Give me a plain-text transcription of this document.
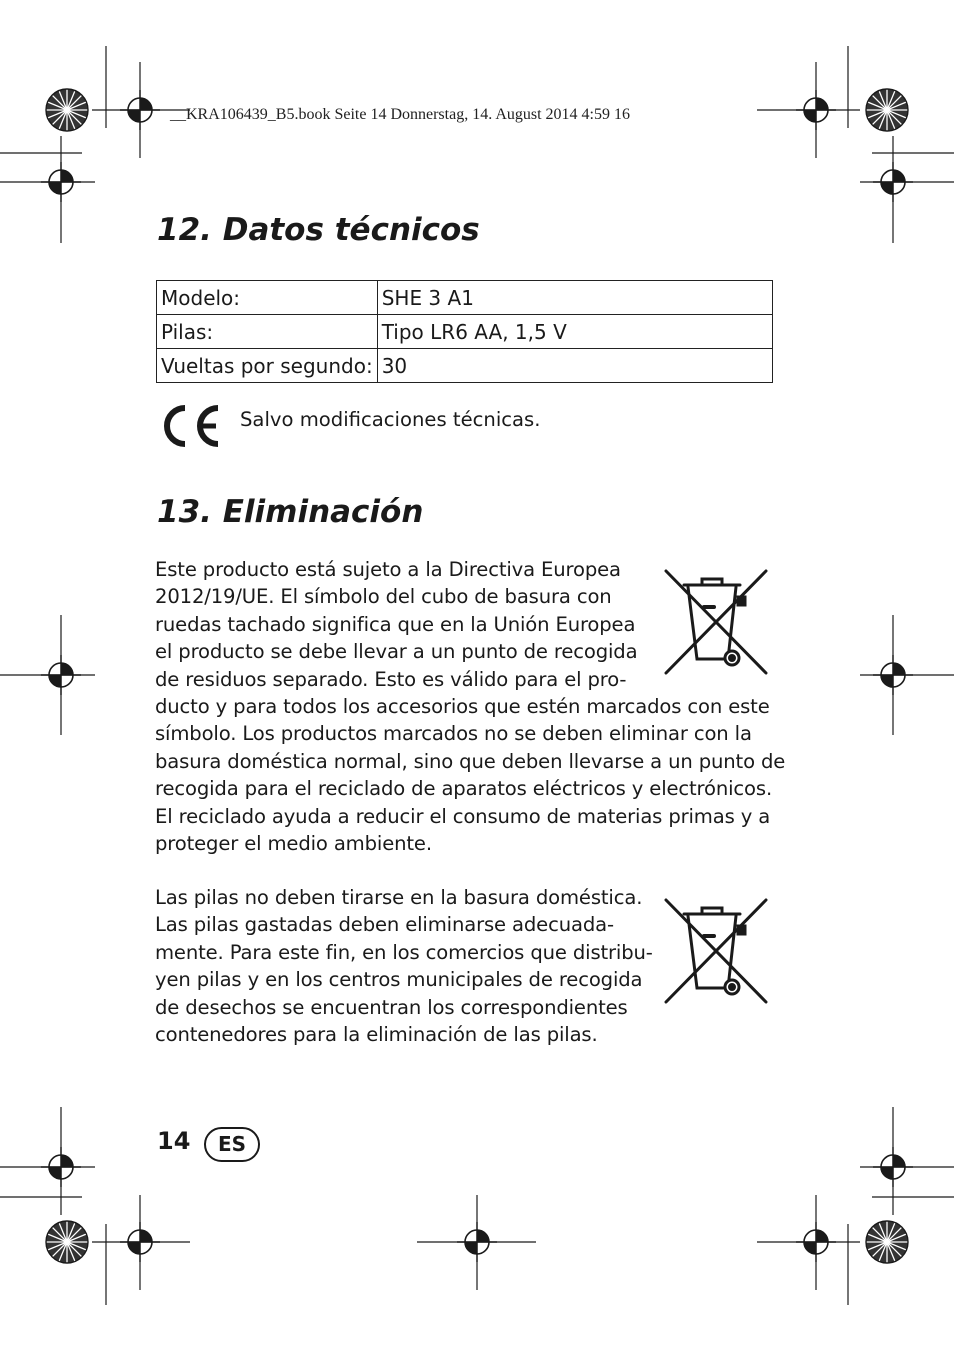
__KRA106439_B5.book Seite 14 Donnerstag, 14. August 2014 4:59 16
12. Datos técnicos
Modelo:	SHE 3 A1
Pilas:	Tipo LR6 AA, 1,5 V
Vueltas por segundo:	30
Salvo modificaciones técnicas.
13. Eliminación
Este producto está sujeto a la Directiva Europea
2012/19/UE. El símbolo del cubo de basura con
ruedas tachado significa que en la Unión Europea
el producto se debe llevar a un punto de recogida
de residuos separado. Esto es válido para el pro-
ducto y para todos los accesorios que estén marcados con este
símbolo. Los productos marcados no se deben eliminar con la
basura doméstica normal, sino que deben llevarse a un punto de
recogida para el reciclado de aparatos eléctricos y electrónicos.
El reciclado ayuda a reducir el consumo de materias primas y a
proteger el medio ambiente.
Las pilas no deben tirarse en la basura doméstica.
Las pilas gastadas deben eliminarse adecuada-
mente. Para este fin, en los comercios que distribu-
yen pilas y en los centros municipales de recogida
de desechos se encuentran los correspondientes
contenedores para la eliminación de las pilas.
14	ES
